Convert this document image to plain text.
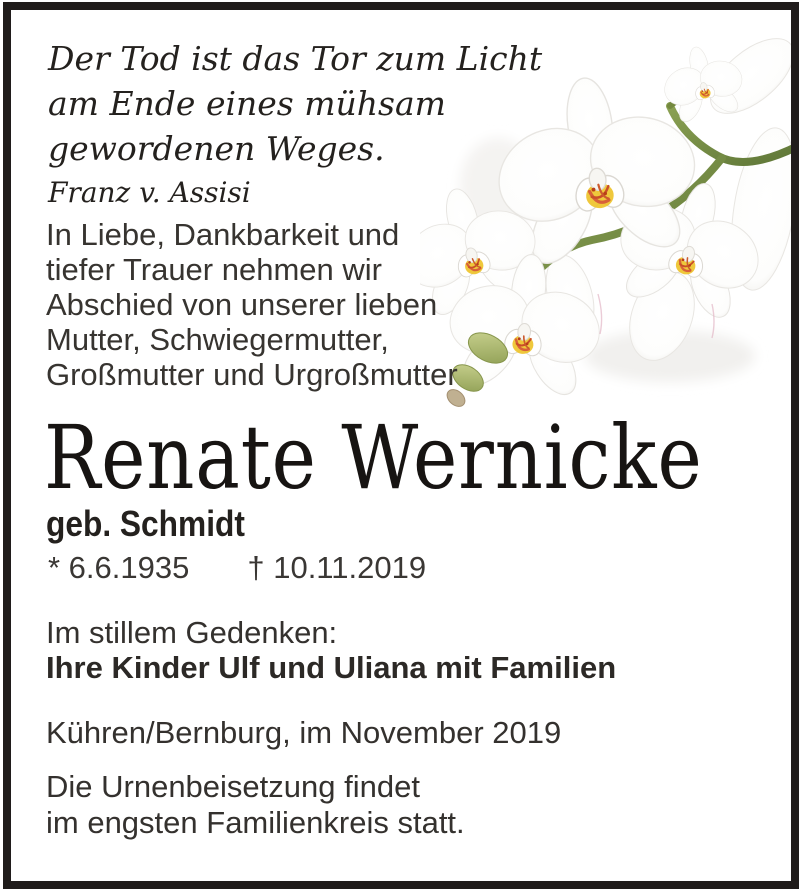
Der Tod ist das Tor zum Licht
am Ende eines mühsam
gewordenen Weges.
Franz v. Assisi
In Liebe, Dankbarkeit und
tiefer Trauer nehmen wir
Abschied von unserer lieben
Mutter, Schwiegermutter,
Großmutter und Urgroßmutter
Renate Wernicke
geb. Schmidt
* 6.6.1935 † 10.11.2019
Im stillem Gedenken:
Ihre Kinder Ulf und Uliana mit Familien
Kühren/Bernburg, im November 2019
Die Urnenbeisetzung findet
im engsten Familienkreis statt.
